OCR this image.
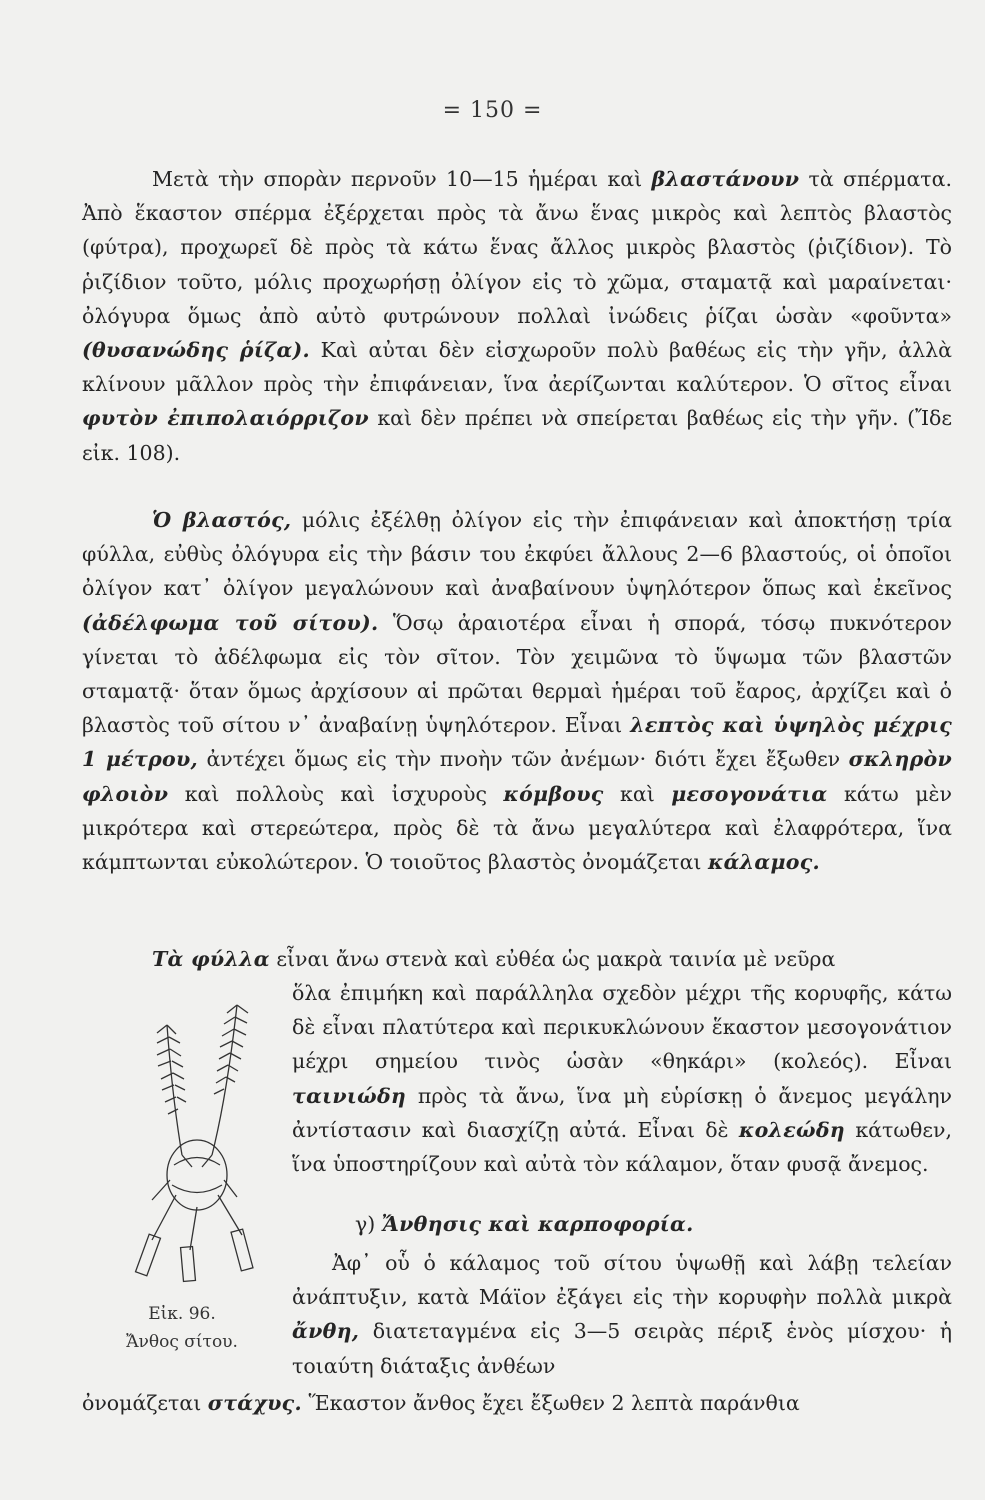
= 150 =

Μετὰ τὴν σπορὰν περνοῦν 10—15 ἡμέραι καὶ βλαστάνουν τὰ σπέρματα. Ἀπὸ ἕκαστον σπέρμα ἐξέρχεται πρὸς τὰ ἄνω ἕνας μικρὸς καὶ λεπτὸς βλαστὸς (φύτρα), προχωρεῖ δὲ πρὸς τὰ κάτω ἕνας ἄλλος μικρὸς βλαστὸς (ῥιζίδιον). Τὸ ῥιζίδιον τοῦτο, μόλις προχωρήσῃ ὀλίγον εἰς τὸ χῶμα, σταματᾷ καὶ μαραίνεται· ὀλόγυρα ὅμως ἀπὸ αὐτὸ φυτρώνουν πολλαὶ ἰνώδεις ῥίζαι ὡσὰν «φοῦντα» (θυσανώδης ῥίζα). Καὶ αὐται δὲν εἰσχωροῦν πολὺ βαθέως εἰς τὴν γῆν, ἀλλὰ κλίνουν μᾶλλον πρὸς τὴν ἐπιφάνειαν, ἵνα ἀερίζωνται καλύτερον. Ὁ σῖτος εἶναι φυτὸν ἐπιπολαιόρριζον καὶ δὲν πρέπει νὰ σπείρεται βαθέως εἰς τὴν γῆν. (Ἴδε εἰκ. 108).

Ὁ βλαστός, μόλις ἐξέλθῃ ὀλίγον εἰς τὴν ἐπιφάνειαν καὶ ἀποκτήσῃ τρία φύλλα, εὐθὺς ὀλόγυρα εἰς τὴν βάσιν του ἐκφύει ἄλλους 2—6 βλαστούς, οἱ ὁποῖοι ὀλίγον κατ᾽ ὀλίγον μεγαλώνουν καὶ ἀναβαίνουν ὑψηλότερον ὅπως καὶ ἐκεῖνος (ἀδέλφωμα τοῦ σίτου). Ὅσῳ ἀραιοτέρα εἶναι ἡ σπορά, τόσῳ πυκνότερον γίνεται τὸ ἀδέλφωμα εἰς τὸν σῖτον. Τὸν χειμῶνα τὸ ὕψωμα τῶν βλαστῶν σταματᾷ· ὅταν ὅμως ἀρχίσουν αἱ πρῶται θερμαὶ ἡμέραι τοῦ ἔαρος, ἀρχίζει καὶ ὁ βλαστὸς τοῦ σίτου ν᾽ ἀναβαίνῃ ὑψηλότερον. Εἶναι λεπτὸς καὶ ὑψηλὸς μέχρις 1 μέτρου, ἀντέχει ὅμως εἰς τὴν πνοὴν τῶν ἀνέμων· διότι ἔχει ἔξωθεν σκληρὸν φλοιὸν καὶ πολλοὺς καὶ ἰσχυροὺς κόμβους καὶ μεσογονάτια κάτω μὲν μικρότερα καὶ στερεώτερα, πρὸς δὲ τὰ ἄνω μεγαλύτερα καὶ ἐλαφρότερα, ἵνα κάμπτωνται εὐκολώτερον. Ὁ τοιοῦτος βλαστὸς ὀνομάζεται κάλαμος.

Τὰ φύλλα εἶναι ἄνω στενὰ καὶ εὐθέα ὡς μακρὰ ταινία μὲ νεῦρα
Εἰκ. 96.
Ἄνθος σίτου.
ὅλα ἐπιμήκη καὶ παράλληλα σχεδὸν μέχρι τῆς κορυφῆς, κάτω δὲ εἶναι πλατύτερα καὶ περικυκλώνουν ἕκαστον μεσογονάτιον μέχρι σημείου τινὸς ὡσὰν «θηκάρι» (κολεός). Εἶναι ταινιώδη πρὸς τὰ ἄνω, ἵνα μὴ εὑρίσκῃ ὁ ἄνεμος μεγάλην ἀντίστασιν καὶ διασχίζῃ αὐτά. Εἶναι δὲ κολεώδη κάτωθεν, ἵνα ὑποστηρίζουν καὶ αὐτὰ τὸν κάλαμον, ὅταν φυσᾷ ἄνεμος.
γ) Ἄνθησις καὶ καρποφορία.
Ἀφ᾽ οὗ ὁ κάλαμος τοῦ σίτου ὑψωθῇ καὶ λάβῃ τελείαν ἀνάπτυξιν, κατὰ Μάϊον ἐξάγει εἰς τὴν κορυφὴν πολλὰ μικρὰ ἄνθη, διατεταγμένα εἰς 3—5 σειρὰς πέριξ ἑνὸς μίσχου· ἡ τοιαύτη διάταξις ἀνθέων
ὀνομάζεται στάχυς. Ἕκαστον ἄνθος ἔχει ἔξωθεν 2 λεπτὰ παράνθια
